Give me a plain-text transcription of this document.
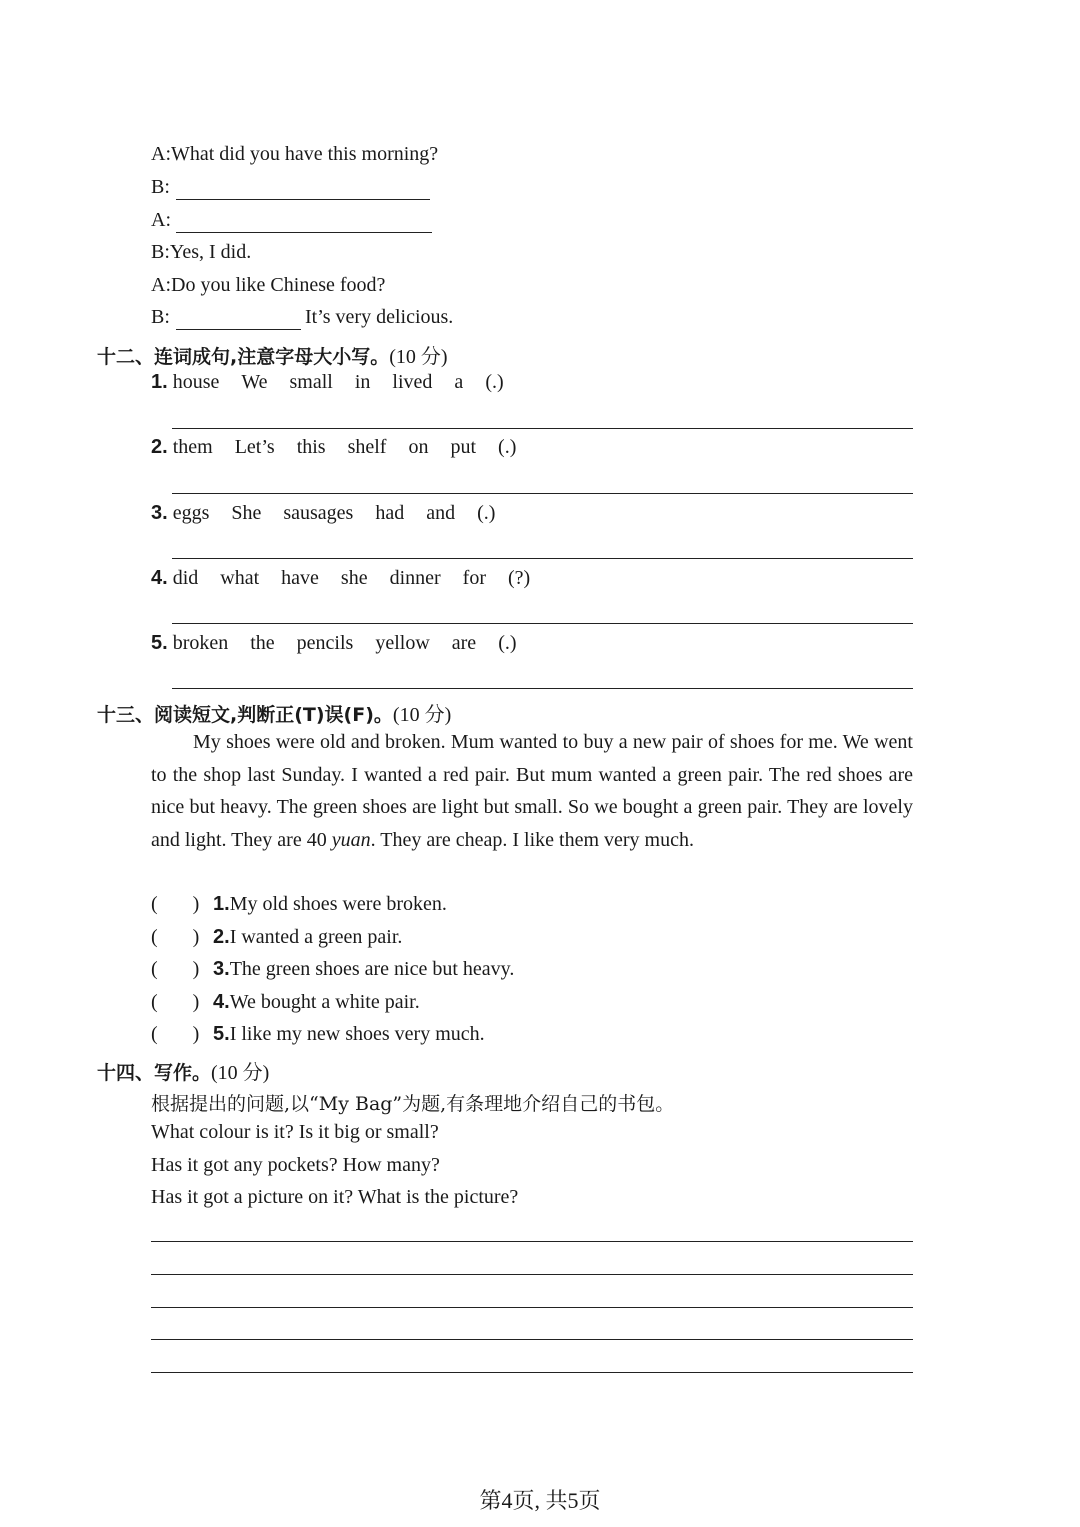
A:What did you have this morning?
B:
A:
B:Yes, I did.
A:Do you like Chinese food?
B:	It’s very delicious.
十二、连词成句,注意字母大小写。(10 分)
1. house We small in lived a (.)
2. them Let’s this shelf on put (.)
3. eggs She sausages had and (.)
4. did what have she dinner for (?)
5. broken the pencils yellow are (.)
十三、阅读短文,判断正(T)误(F)。(10 分)
My shoes were old and broken. Mum wanted to buy a new pair of shoes for me. We went to the shop last Sunday. I wanted a red pair. But mum wanted a green pair. The red shoes are nice but heavy. The green shoes are light but small. So we bought a green pair. They are lovely and light. They are 40 yuan. They are cheap. I like them very much.
(       ) 1.My old shoes were broken.
(       ) 2.I wanted a green pair.
(       ) 3.The green shoes are nice but heavy.
(       ) 4.We bought a white pair.
(       ) 5.I like my new shoes very much.
十四、写作。(10 分)
根据提出的问题,以“My Bag”为题,有条理地介绍自己的书包。
What colour is it? Is it big or small?
Has it got any pockets? How many?
Has it got a picture on it? What is the picture?
第4页, 共5页
